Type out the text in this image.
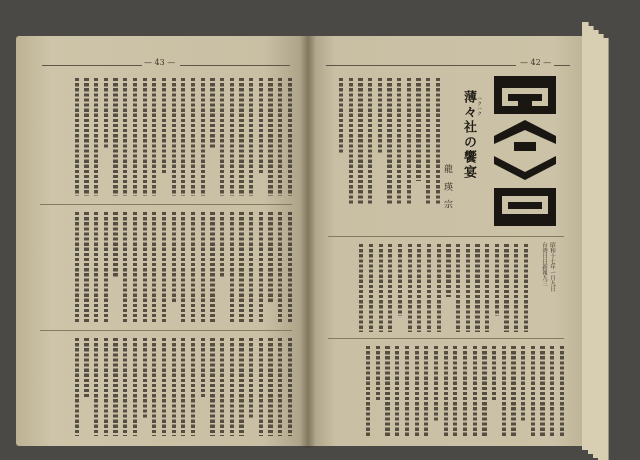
— 43 —	— 42 —
薄々社の饗宴 ハクハク
龍 瑛 宗
昭和十七年一月九日
台湾日日新報九三
